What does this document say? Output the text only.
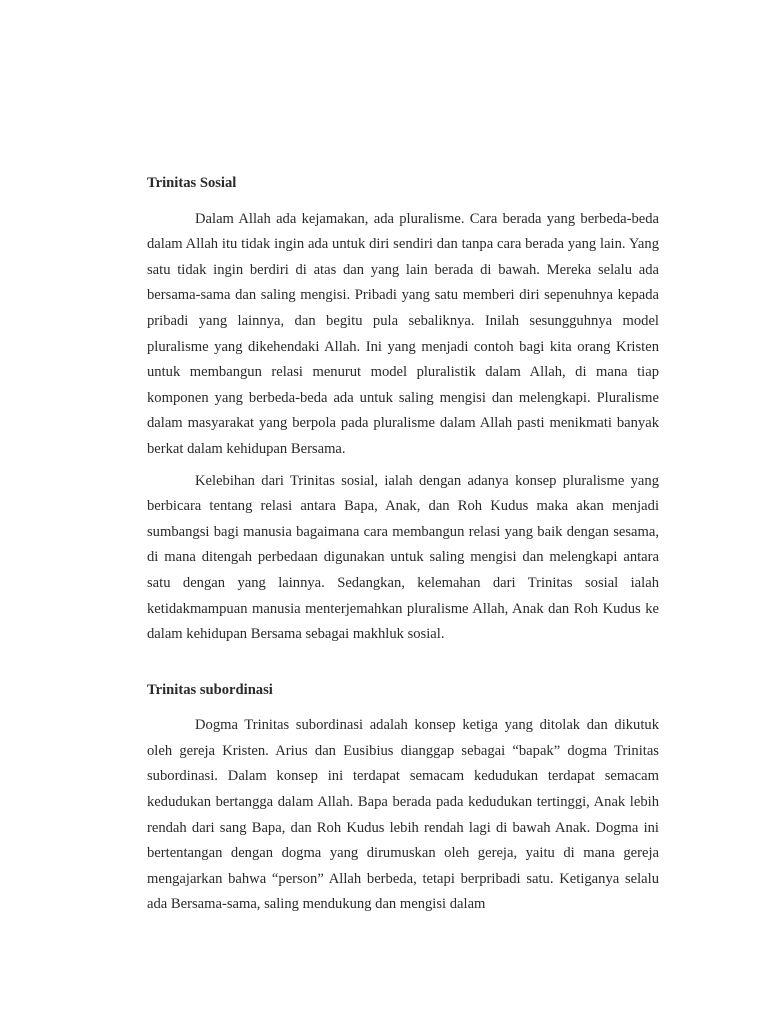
Trinitas Sosial

Dalam Allah ada kejamakan, ada pluralisme. Cara berada yang berbeda-beda dalam Allah itu tidak ingin ada untuk diri sendiri dan tanpa cara berada yang lain. Yang satu tidak ingin berdiri di atas dan yang lain berada di bawah. Mereka selalu ada bersama-sama dan saling mengisi. Pribadi yang satu memberi diri sepenuhnya kepada pribadi yang lainnya, dan begitu pula sebaliknya. Inilah sesungguhnya model pluralisme yang dikehendaki Allah. Ini yang menjadi contoh bagi kita orang Kristen untuk membangun relasi menurut model pluralistik dalam Allah, di mana tiap komponen yang berbeda-beda ada untuk saling mengisi dan melengkapi. Pluralisme dalam masyarakat yang berpola pada pluralisme dalam Allah pasti menikmati banyak berkat dalam kehidupan Bersama.

Kelebihan dari Trinitas sosial, ialah dengan adanya konsep pluralisme yang berbicara tentang relasi antara Bapa, Anak, dan Roh Kudus maka akan menjadi sumbangsi bagi manusia bagaimana cara membangun relasi yang baik dengan sesama, di mana ditengah perbedaan digunakan untuk saling mengisi dan melengkapi antara satu dengan yang lainnya. Sedangkan, kelemahan dari Trinitas sosial ialah ketidakmampuan manusia menterjemahkan pluralisme Allah, Anak dan Roh Kudus ke dalam kehidupan Bersama sebagai makhluk sosial.

Trinitas subordinasi

Dogma Trinitas subordinasi adalah konsep ketiga yang ditolak dan dikutuk oleh gereja Kristen. Arius dan Eusibius dianggap sebagai “bapak” dogma Trinitas subordinasi. Dalam konsep ini terdapat semacam kedudukan terdapat semacam kedudukan bertangga dalam Allah. Bapa berada pada kedudukan tertinggi, Anak lebih rendah dari sang Bapa, dan Roh Kudus lebih rendah lagi di bawah Anak. Dogma ini bertentangan dengan dogma yang dirumuskan oleh gereja, yaitu di mana gereja mengajarkan bahwa “person” Allah berbeda, tetapi berpribadi satu. Ketiganya selalu ada Bersama-sama, saling mendukung dan mengisi dalam
